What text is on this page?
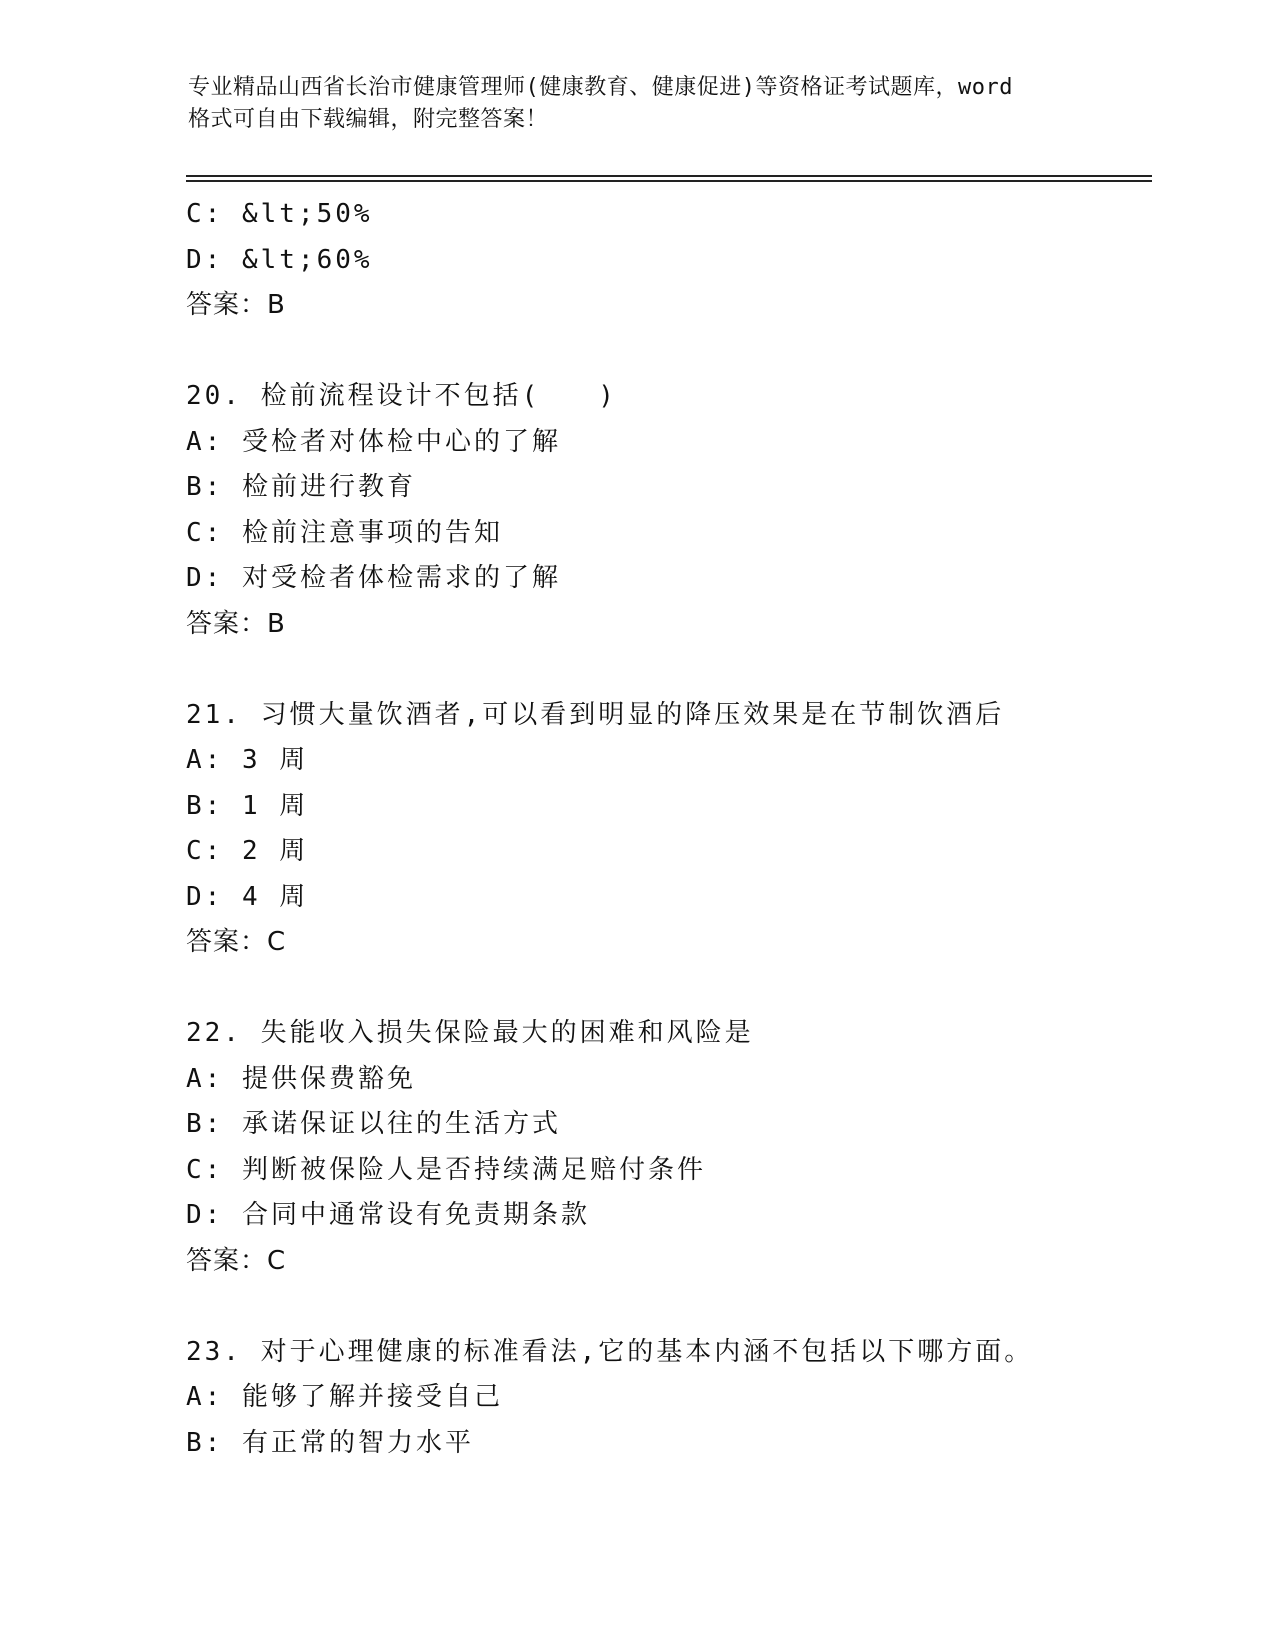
专业精品山西省长治市健康管理师(健康教育、健康促进)等资格证考试题库，word
格式可自由下载编辑，附完整答案！
C: &lt;50%
D: &lt;60%
答案：B
20. 检前流程设计不包括(　　)
A: 受检者对体检中心的了解
B: 检前进行教育
C: 检前注意事项的告知
D: 对受检者体检需求的了解
答案：B
21. 习惯大量饮酒者,可以看到明显的降压效果是在节制饮酒后
A: 3 周
B: 1 周
C: 2 周
D: 4 周
答案：C
22. 失能收入损失保险最大的困难和风险是
A: 提供保费豁免
B: 承诺保证以往的生活方式
C: 判断被保险人是否持续满足赔付条件
D: 合同中通常设有免责期条款
答案：C
23. 对于心理健康的标准看法,它的基本内涵不包括以下哪方面。
A: 能够了解并接受自己
B: 有正常的智力水平
